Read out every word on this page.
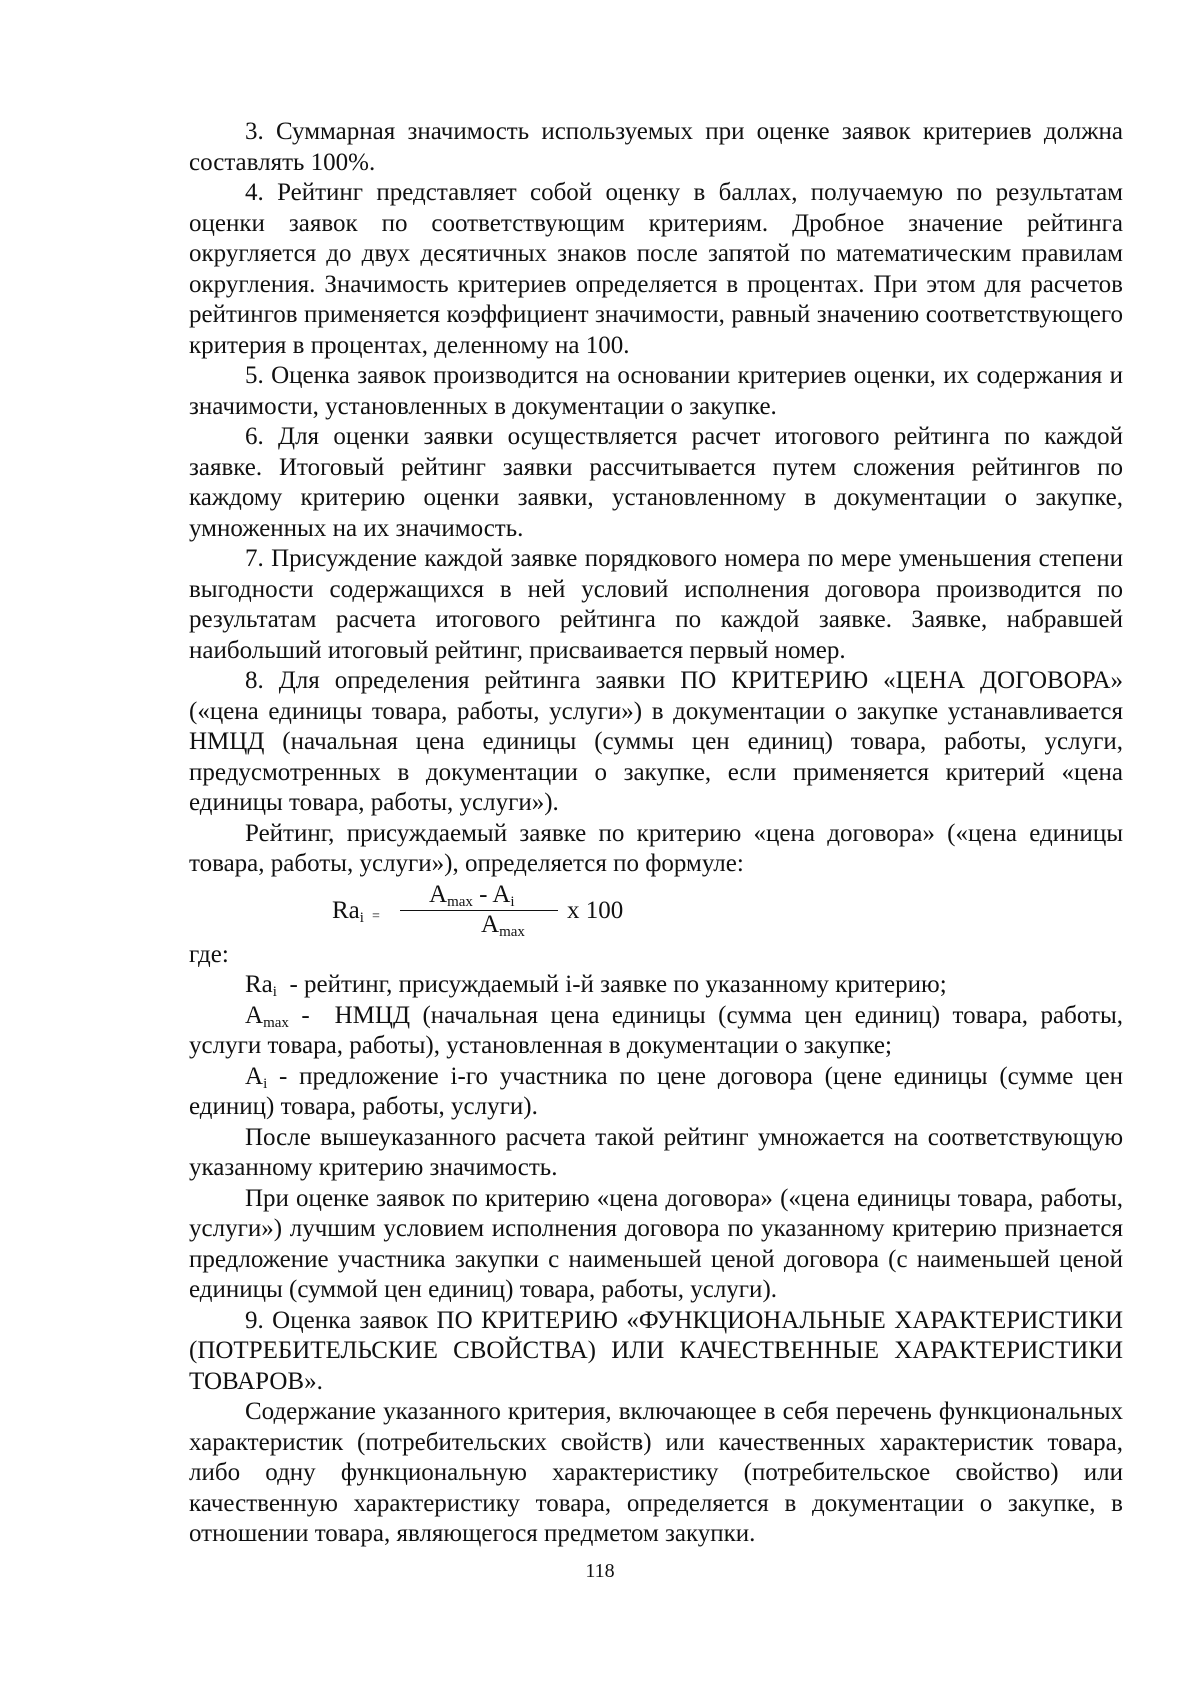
3. Суммарная значимость используемых при оценке заявок критериев должна составлять 100%.

4. Рейтинг представляет собой оценку в баллах, получаемую по результатам оценки заявок по соответствующим критериям. Дробное значение рейтинга округляется до двух десятичных знаков после запятой по математическим правилам округления. Значимость критериев определяется в процентах. При этом для расчетов рейтингов применяется коэффициент значимости, равный значению соответствующего критерия в процентах, деленному на 100.

5. Оценка заявок производится на основании критериев оценки, их содержания и значимости, установленных в документации о закупке.

6. Для оценки заявки осуществляется расчет итогового рейтинга по каждой заявке. Итоговый рейтинг заявки рассчитывается путем сложения рейтингов по каждому критерию оценки заявки, установленному в документации о закупке, умноженных на их значимость.

7. Присуждение каждой заявке порядкового номера по мере уменьшения степени выгодности содержащихся в ней условий исполнения договора производится по результатам расчета итогового рейтинга по каждой заявке. Заявке, набравшей наибольший итоговый рейтинг, присваивается первый номер.

8. Для определения рейтинга заявки ПО КРИТЕРИЮ «ЦЕНА ДОГОВОРА» («цена единицы товара, работы, услуги») в документации о закупке устанавливается НМЦД (начальная цена единицы (суммы цен единиц) товара, работы, услуги, предусмотренных в документации о закупке, если применяется критерий «цена единицы товара, работы, услуги»).

Рейтинг, присуждаемый заявке по критерию «цена договора» («цена единицы товара, работы, услуги»), определяется по формуле:

$Ra_i$ =
$A_{max} - A_i$
$A_{max}$
х 100

где:

$Ra_i$  - рейтинг, присуждаемый i-й заявке по указанному критерию;

$A_{max}$ -  НМЦД (начальная цена единицы (сумма цен единиц) товара, работы, услуги товара, работы), установленная в документации о закупке;

$A_i$ - предложение i-го участника по цене договора (цене единицы (сумме цен единиц) товара, работы, услуги).

После вышеуказанного расчета такой рейтинг умножается на соответствующую указанному критерию значимость.

При оценке заявок по критерию «цена договора» («цена единицы товара, работы, услуги») лучшим условием исполнения договора по указанному критерию признается предложение участника закупки с наименьшей ценой договора (с наименьшей ценой единицы (суммой цен единиц) товара, работы, услуги).

9. Оценка заявок ПО КРИТЕРИЮ «ФУНКЦИОНАЛЬНЫЕ ХАРАКТЕРИСТИКИ (ПОТРЕБИТЕЛЬСКИЕ СВОЙСТВА) ИЛИ КАЧЕСТВЕННЫЕ ХАРАКТЕРИСТИКИ ТОВАРОВ».

Содержание указанного критерия, включающее в себя перечень функциональных характеристик (потребительских свойств) или качественных характеристик товара, либо одну функциональную характеристику (потребительское свойство) или качественную характеристику товара, определяется в документации о закупке, в отношении товара, являющегося предметом закупки.

118
